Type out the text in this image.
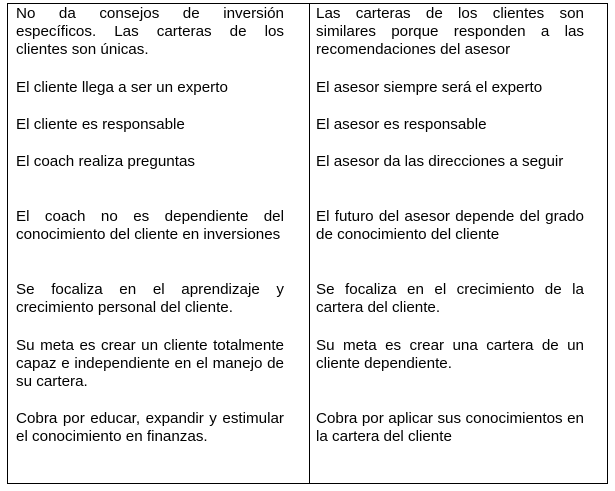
No da consejos de inversión específicos. Las carteras de los clientes son únicas.

El cliente llega a ser un experto

El cliente es responsable

El coach realiza preguntas

El coach no es dependiente del conocimiento del cliente en inversiones

Se focaliza en el aprendizaje y crecimiento personal del cliente.

Su meta es crear un cliente totalmente capaz e independiente en el manejo de su cartera.

Cobra por educar, expandir y estimular el conocimiento en finanzas.

Las carteras de los clientes son similares porque responden a las recomendaciones del asesor

El asesor siempre será el experto

El asesor es responsable

El asesor da las direcciones a seguir

El futuro del asesor depende del grado de conocimiento del cliente

Se focaliza en el crecimiento de la cartera del cliente.

Su meta es crear una cartera de un cliente dependiente.

Cobra por aplicar sus conocimientos en la cartera del cliente
